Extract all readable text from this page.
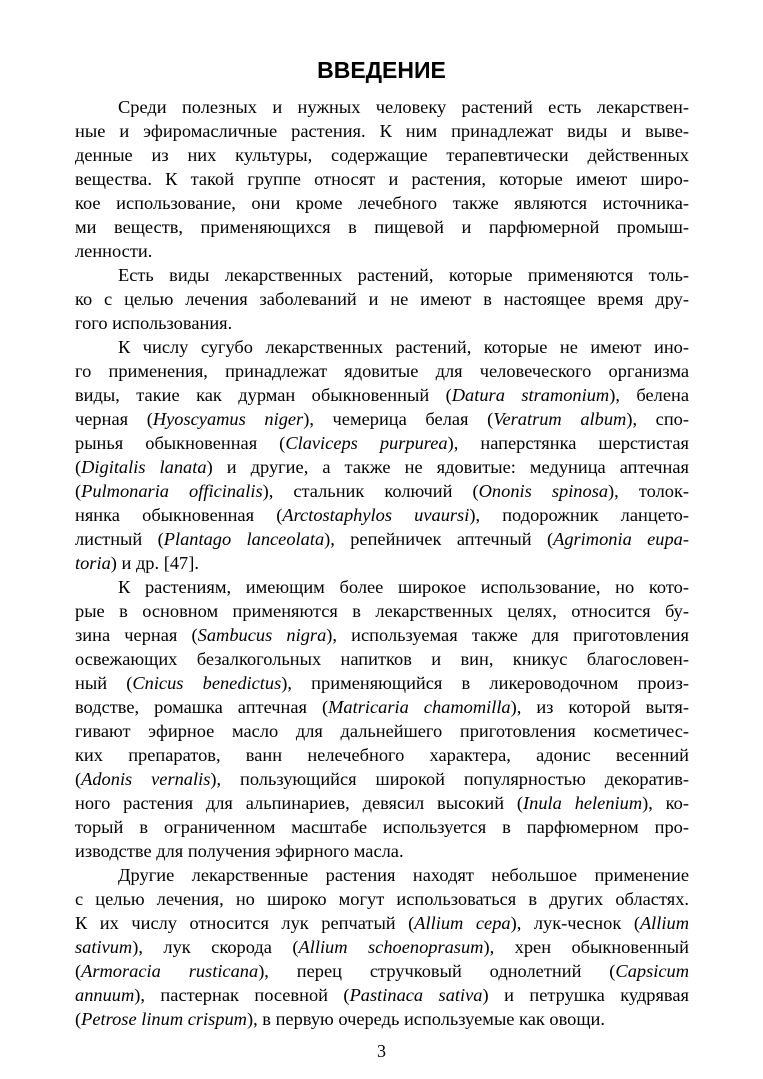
ВВЕДЕНИЕ
Среди полезных и нужных человеку растений есть лекарствен-
ные и эфиромасличные растения. К ним принадлежат виды и выве-
денные из них культуры, содержащие терапевтически действенных
вещества. К такой группе относят и растения, которые имеют широ-
кое использование, они кроме лечебного также являются источника-
ми веществ, применяющихся в пищевой и парфюмерной промыш-
ленности.
Есть виды лекарственных растений, которые применяются толь-
ко с целью лечения заболеваний и не имеют в настоящее время дру-
гого использования.
К числу сугубо лекарственных растений, которые не имеют ино-
го применения, принадлежат ядовитые для человеческого организма
виды, такие как дурман обыкновенный (Datura stramonium), белена
черная (Hyoscyamus niger), чемерица белая (Veratrum album), спо-
рынья обыкновенная (Claviceps purpurea), наперстянка шерстистая
(Digitalis lanata) и другие, а также не ядовитые: медуница аптечная
(Pulmonaria officinalis), стальник колючий (Ononis spinosa), толок-
нянка обыкновенная (Arctostaphylos uvaursi), подорожник ланцето-
листный (Plantago lanceolata), репейничек аптечный (Agrimonia eupa-
toria) и др. [47].
К растениям, имеющим более широкое использование, но кото-
рые в основном применяются в лекарственных целях, относится бу-
зина черная (Sambucus nigra), используемая также для приготовления
освежающих безалкогольных напитков и вин, кникус благословен-
ный (Cnicus benedictus), применяющийся в ликероводочном произ-
водстве, ромашка аптечная (Matricaria chamomilla), из которой вытя-
гивают эфирное масло для дальнейшего приготовления косметичес-
ких препаратов, ванн нелечебного характера, адонис весенний
(Adonis vernalis), пользующийся широкой популярностью декоратив-
ного растения для альпинариев, девясил высокий (Inula helenium), ко-
торый в ограниченном масштабе используется в парфюмерном про-
изводстве для получения эфирного масла.
Другие лекарственные растения находят небольшое применение
с целью лечения, но широко могут использоваться в других областях.
К их числу относится лук репчатый (Allium cepa), лук-чеснок (Allium
sativum), лук скорода (Allium schoenoprasum), хрен обыкновенный
(Armoracia rusticana), перец стручковый однолетний (Capsicum
annuum), пастернак посевной (Pastinaca sativa) и петрушка кудрявая
(Petrose linum crispum), в первую очередь используемые как овощи.
3
